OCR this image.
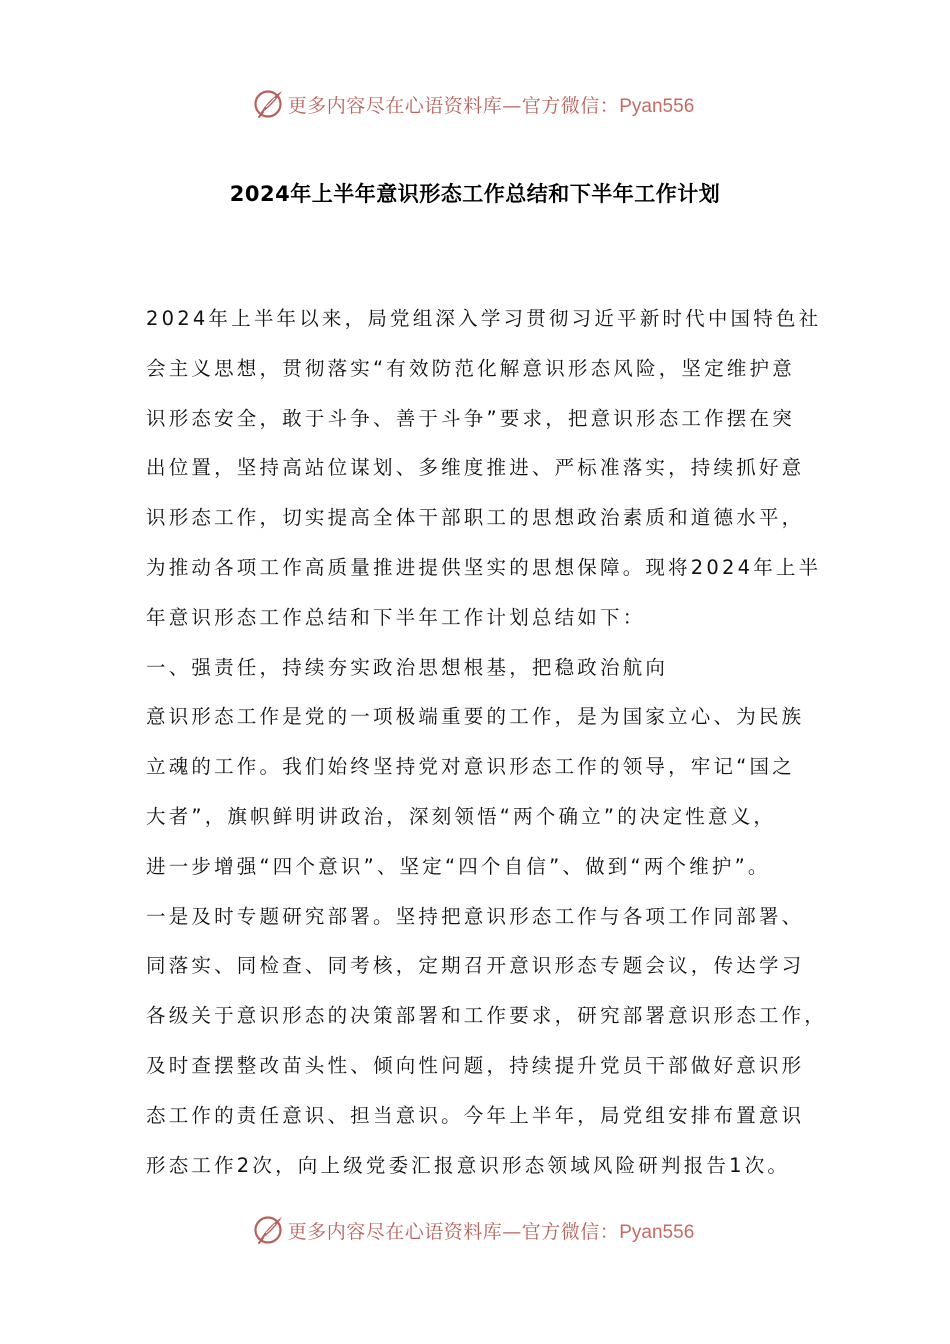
更多内容尽在心语资料库—官方微信：Pyan556
2024年上半年意识形态工作总结和下半年工作计划
2024年上半年以来，局党组深入学习贯彻习近平新时代中国特色社
会主义思想，贯彻落实“有效防范化解意识形态风险，坚定维护意
识形态安全，敢于斗争、善于斗争”要求，把意识形态工作摆在突
出位置，坚持高站位谋划、多维度推进、严标准落实，持续抓好意
识形态工作，切实提高全体干部职工的思想政治素质和道德水平，
为推动各项工作高质量推进提供坚实的思想保障。现将2024年上半
年意识形态工作总结和下半年工作计划总结如下：
一、强责任，持续夯实政治思想根基，把稳政治航向
意识形态工作是党的一项极端重要的工作，是为国家立心、为民族
立魂的工作。我们始终坚持党对意识形态工作的领导，牢记“国之
大者”，旗帜鲜明讲政治，深刻领悟“两个确立”的决定性意义，
进一步增强“四个意识”、坚定“四个自信”、做到“两个维护”。
一是及时专题研究部署。坚持把意识形态工作与各项工作同部署、
同落实、同检查、同考核，定期召开意识形态专题会议，传达学习
各级关于意识形态的决策部署和工作要求，研究部署意识形态工作，
及时查摆整改苗头性、倾向性问题，持续提升党员干部做好意识形
态工作的责任意识、担当意识。今年上半年，局党组安排布置意识
形态工作2次，向上级党委汇报意识形态领域风险研判报告1次。
更多内容尽在心语资料库—官方微信：Pyan556
